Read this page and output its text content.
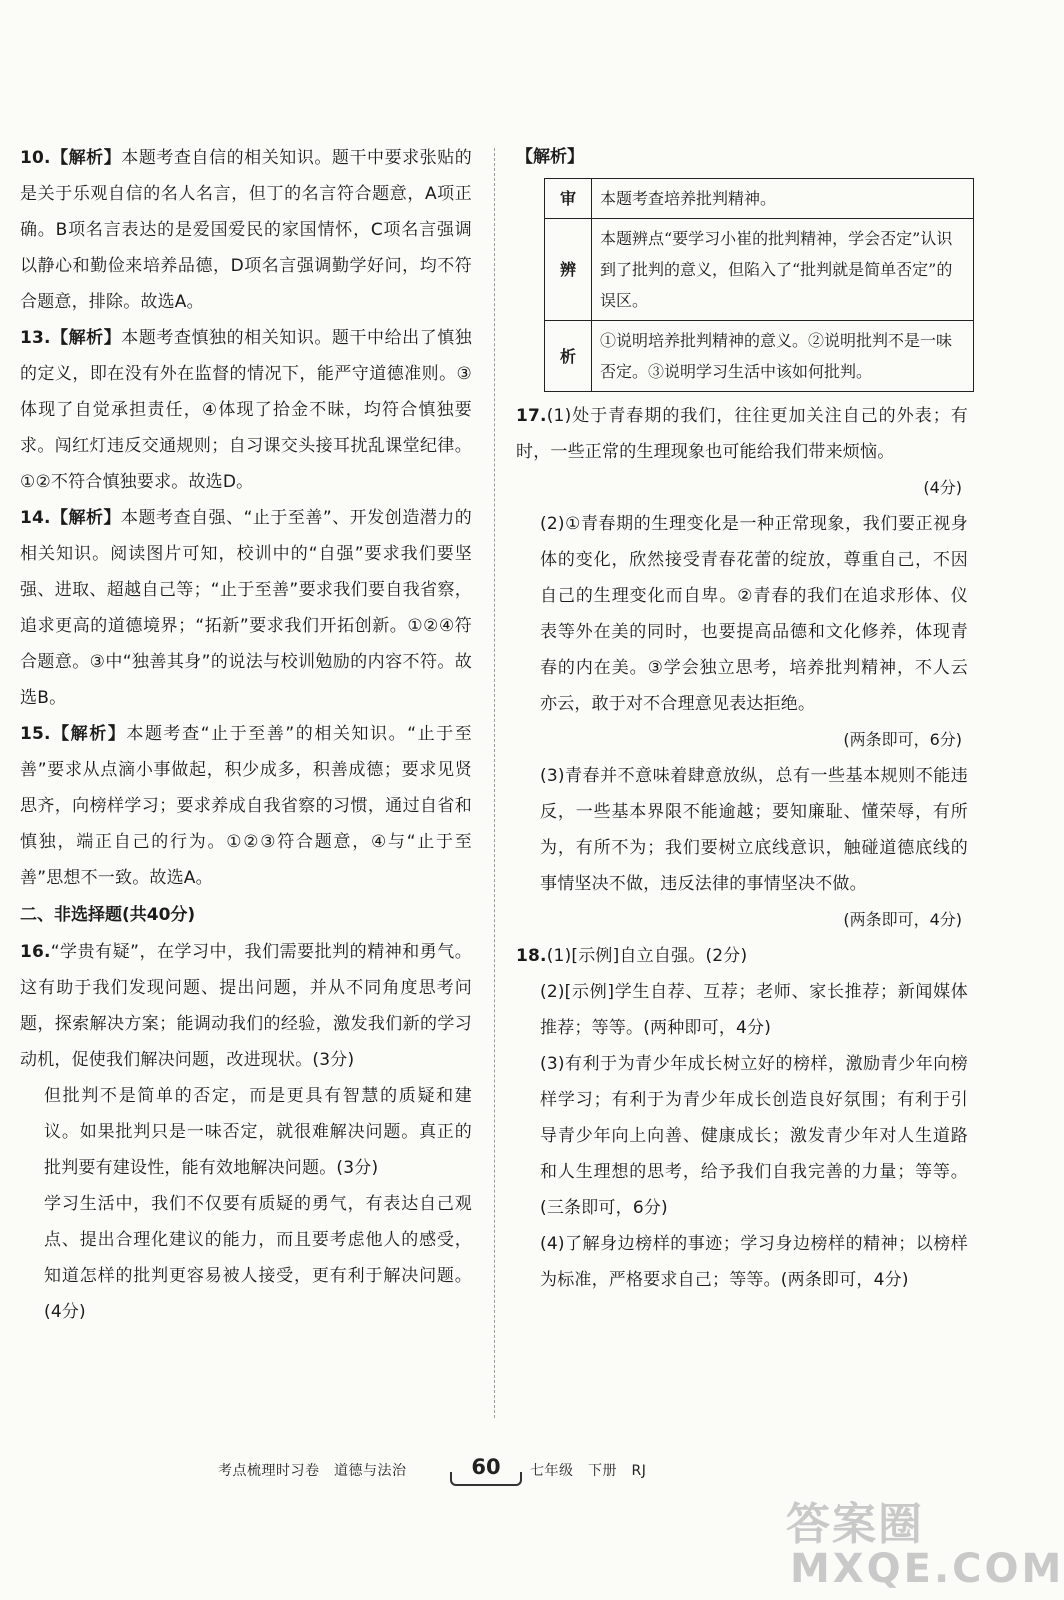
10.【解析】本题考查自信的相关知识。题干中要求张贴的是关于乐观自信的名人名言，但丁的名言符合题意，A项正确。B项名言表达的是爱国爱民的家国情怀，C项名言强调以静心和勤俭来培养品德，D项名言强调勤学好问，均不符合题意，排除。故选A。

13.【解析】本题考查慎独的相关知识。题干中给出了慎独的定义，即在没有外在监督的情况下，能严守道德准则。③体现了自觉承担责任，④体现了拾金不昧，均符合慎独要求。闯红灯违反交通规则；自习课交头接耳扰乱课堂纪律。①②不符合慎独要求。故选D。

14.【解析】本题考查自强、“止于至善”、开发创造潜力的相关知识。阅读图片可知，校训中的“自强”要求我们要坚强、进取、超越自己等；“止于至善”要求我们要自我省察，追求更高的道德境界；“拓新”要求我们开拓创新。①②④符合题意。③中“独善其身”的说法与校训勉励的内容不符。故选B。

15.【解析】本题考查“止于至善”的相关知识。“止于至善”要求从点滴小事做起，积少成多，积善成德；要求见贤思齐，向榜样学习；要求养成自我省察的习惯，通过自省和慎独，端正自己的行为。①②③符合题意，④与“止于至善”思想不一致。故选A。

二、非选择题(共40分)

16.“学贵有疑”，在学习中，我们需要批判的精神和勇气。这有助于我们发现问题、提出问题，并从不同角度思考问题，探索解决方案；能调动我们的经验，激发我们新的学习动机，促使我们解决问题，改进现状。(3分)

但批判不是简单的否定，而是更具有智慧的质疑和建议。如果批判只是一味否定，就很难解决问题。真正的批判要有建设性，能有效地解决问题。(3分)

学习生活中，我们不仅要有质疑的勇气，有表达自己观点、提出合理化建议的能力，而且要考虑他人的感受，知道怎样的批判更容易被人接受，更有利于解决问题。(4分)

【解析】

审	本题考查培养批判精神。
辨	本题辨点“要学习小崔的批判精神，学会否定”认识到了批判的意义，但陷入了“批判就是简单否定”的误区。
析	①说明培养批判精神的意义。②说明批判不是一味否定。③说明学习生活中该如何批判。

17.(1)处于青春期的我们，往往更加关注自己的外表；有时，一些正常的生理现象也可能给我们带来烦恼。

(4分)

(2)①青春期的生理变化是一种正常现象，我们要正视身体的变化，欣然接受青春花蕾的绽放，尊重自己，不因自己的生理变化而自卑。②青春的我们在追求形体、仪表等外在美的同时，也要提高品德和文化修养，体现青春的内在美。③学会独立思考，培养批判精神，不人云亦云，敢于对不合理意见表达拒绝。

(两条即可，6分)

(3)青春并不意味着肆意放纵，总有一些基本规则不能违反，一些基本界限不能逾越；要知廉耻、懂荣辱，有所为，有所不为；我们要树立底线意识，触碰道德底线的事情坚决不做，违反法律的事情坚决不做。

(两条即可，4分)

18.(1)[示例]自立自强。(2分)

(2)[示例]学生自荐、互荐；老师、家长推荐；新闻媒体推荐；等等。(两种即可，4分)

(3)有利于为青少年成长树立好的榜样，激励青少年向榜样学习；有利于为青少年成长创造良好氛围；有利于引导青少年向上向善、健康成长；激发青少年对人生道路和人生理想的思考，给予我们自我完善的力量；等等。(三条即可，6分)

(4)了解身边榜样的事迹；学习身边榜样的精神；以榜样为标准，严格要求自己；等等。(两条即可，4分)

考点梳理时习卷　道德与法治	60	七年级　下册　RJ
答案圈
MXQE.COM
